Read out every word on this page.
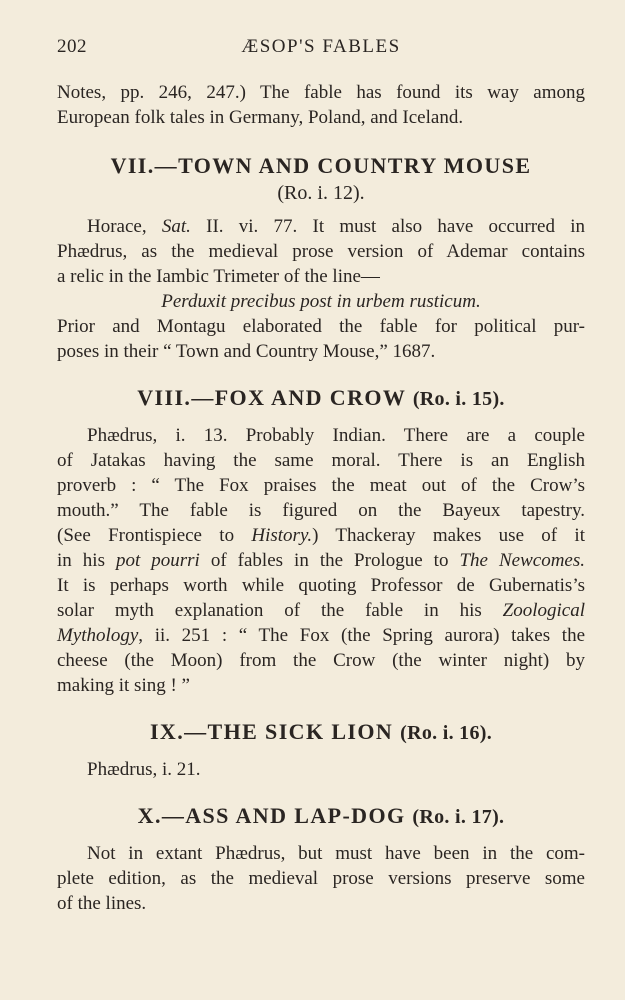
202	ÆSOP'S FABLES

Notes, pp. 246, 247.) The fable has found its way among

European folk tales in Germany, Poland, and Iceland.

VII.—TOWN AND COUNTRY MOUSE

(Ro. i. 12).

Horace, Sat. II. vi. 77. It must also have occurred in

Phædrus, as the medieval prose version of Ademar contains

a relic in the Iambic Trimeter of the line—

Perduxit precibus post in urbem rusticum.

Prior and Montagu elaborated the fable for political pur-

poses in their “ Town and Country Mouse,” 1687.

VIII.—FOX AND CROW (Ro. i. 15).

Phædrus, i. 13. Probably Indian. There are a couple

of Jatakas having the same moral. There is an English

proverb : “ The Fox praises the meat out of the Crow’s

mouth.” The fable is figured on the Bayeux tapestry.

(See Frontispiece to History.) Thackeray makes use of it

in his pot pourri of fables in the Prologue to The Newcomes.

It is perhaps worth while quoting Professor de Gubernatis’s

solar myth explanation of the fable in his Zoological

Mythology, ii. 251 : “ The Fox (the Spring aurora) takes the

cheese (the Moon) from the Crow (the winter night) by

making it sing ! ”

IX.—THE SICK LION (Ro. i. 16).

Phædrus, i. 21.

X.—ASS AND LAP-DOG (Ro. i. 17).

Not in extant Phædrus, but must have been in the com-

plete edition, as the medieval prose versions preserve some

of the lines.
